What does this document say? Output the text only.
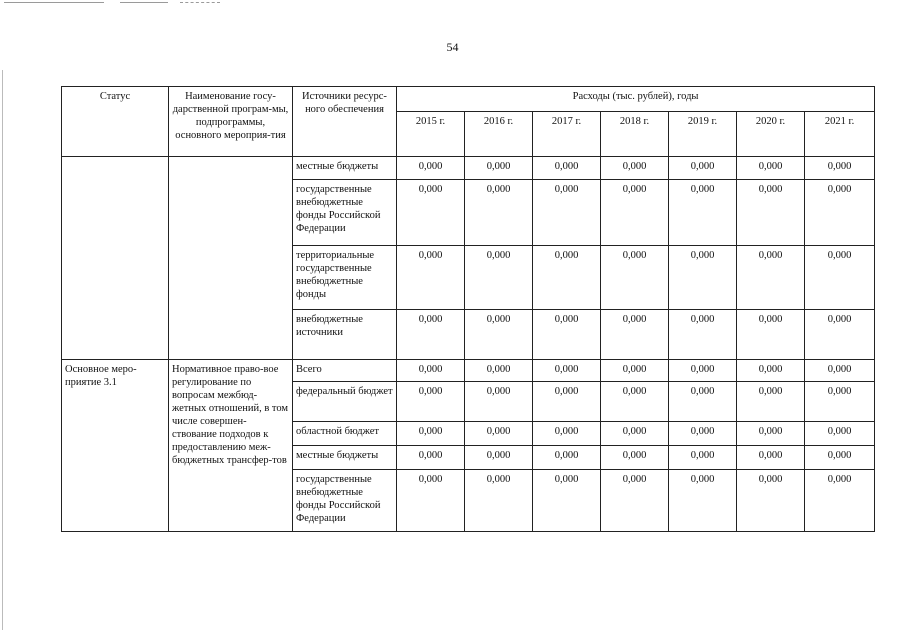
54
Статус	Наименование госу-дарственной програм-мы, подпрограммы, основного мероприя-тия	Источники ресурс-ного обеспечения	Расходы (тыс. рублей), годы						
			2015 г.	2016 г.	2017 г.	2018 г.	2019 г.	2020 г.	2021 г.
		местные бюджеты	0,000	0,000	0,000	0,000	0,000	0,000	0,000
		государственные внебюджетные фонды Российской Федерации	0,000	0,000	0,000	0,000	0,000	0,000	0,000
		территориальные государственные внебюджетные фонды	0,000	0,000	0,000	0,000	0,000	0,000	0,000
		внебюджетные источники	0,000	0,000	0,000	0,000	0,000	0,000	0,000
Основное меро-приятие 3.1	Нормативное право-вое регулирование по вопросам межбюд-жетных отношений, в том числе совершен-ствование подходов к предоставлению меж-бюджетных трансфер-тов	Всего	0,000	0,000	0,000	0,000	0,000	0,000	0,000
		федеральный бюджет	0,000	0,000	0,000	0,000	0,000	0,000	0,000
		областной бюджет	0,000	0,000	0,000	0,000	0,000	0,000	0,000
		местные бюджеты	0,000	0,000	0,000	0,000	0,000	0,000	0,000
		государственные внебюджетные фонды Российской Федерации	0,000	0,000	0,000	0,000	0,000	0,000	0,000
